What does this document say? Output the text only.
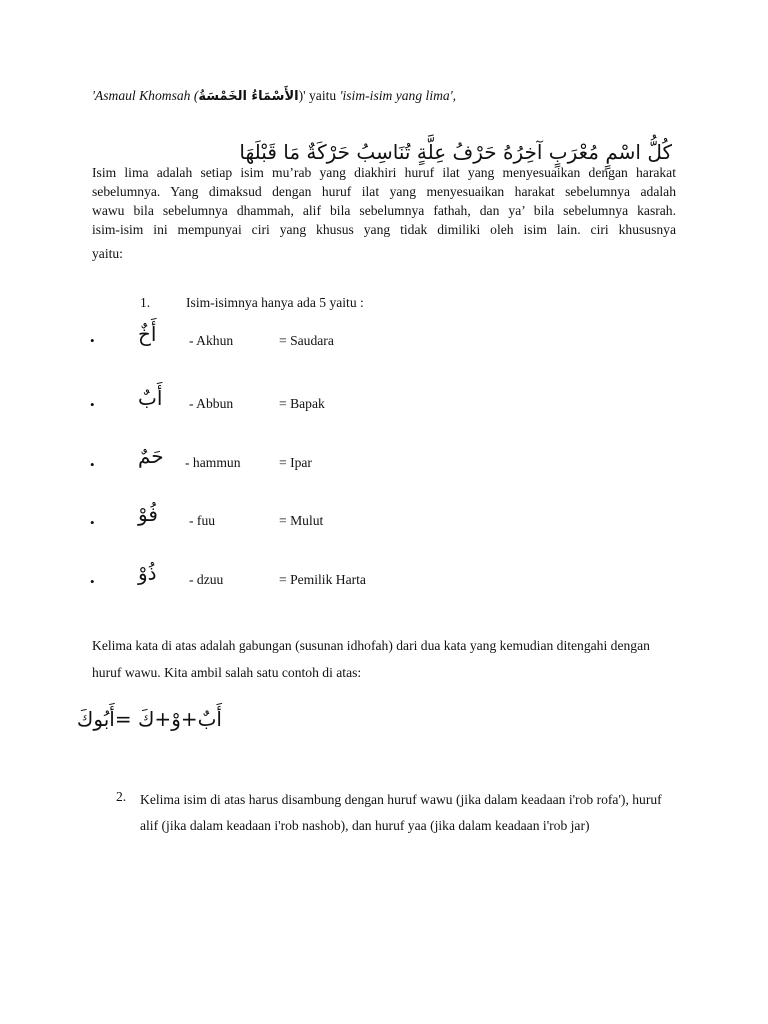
'Asmaul Khomsah (الأَسْمَاءُ الخَمْسَةُ)' yaitu 'isim-isim yang lima',
كُلُّ اسْمٍ مُعْرَبٍ آخِرُهُ حَرْفُ عِلَّةٍ تُنَاسِبُ حَرْكَةٌ مَا قَبْلَهَا
Isim lima adalah setiap isim mu’rab yang diakhiri huruf ilat yang menyesuaikan dengan harakat
sebelumnya. Yang dimaksud dengan huruf ilat yang menyesuaikan harakat sebelumnya adalah
wawu bila sebelumnya dhammah, alif bila sebelumnya fathah, dan ya’ bila sebelumnya kasrah.
isim-isim ini mempunyai ciri yang khusus yang tidak dimiliki oleh isim lain. ciri khususnya
yaitu:
1.	Isim-isimnya hanya ada 5 yaitu :
• أَخٌ - Akhun	= Saudara
• أَبٌ - Abbun	= Bapak
• حَمٌ - hammun	= Ipar
• فُوْ - fuu	= Mulut
• ذُوْ - dzuu	= Pemilik Harta
Kelima kata di atas adalah gabungan (susunan idhofah) dari dua kata yang kemudian ditengahi dengan huruf wawu. Kita ambil salah satu contoh di atas:
أَبٌ+وْ+كَ =أَبُوكَ
2. Kelima isim di atas harus disambung dengan huruf wawu (jika dalam keadaan i'rob rofa'), huruf alif (jika dalam keadaan i'rob nashob), dan huruf yaa (jika dalam keadaan i'rob jar)
